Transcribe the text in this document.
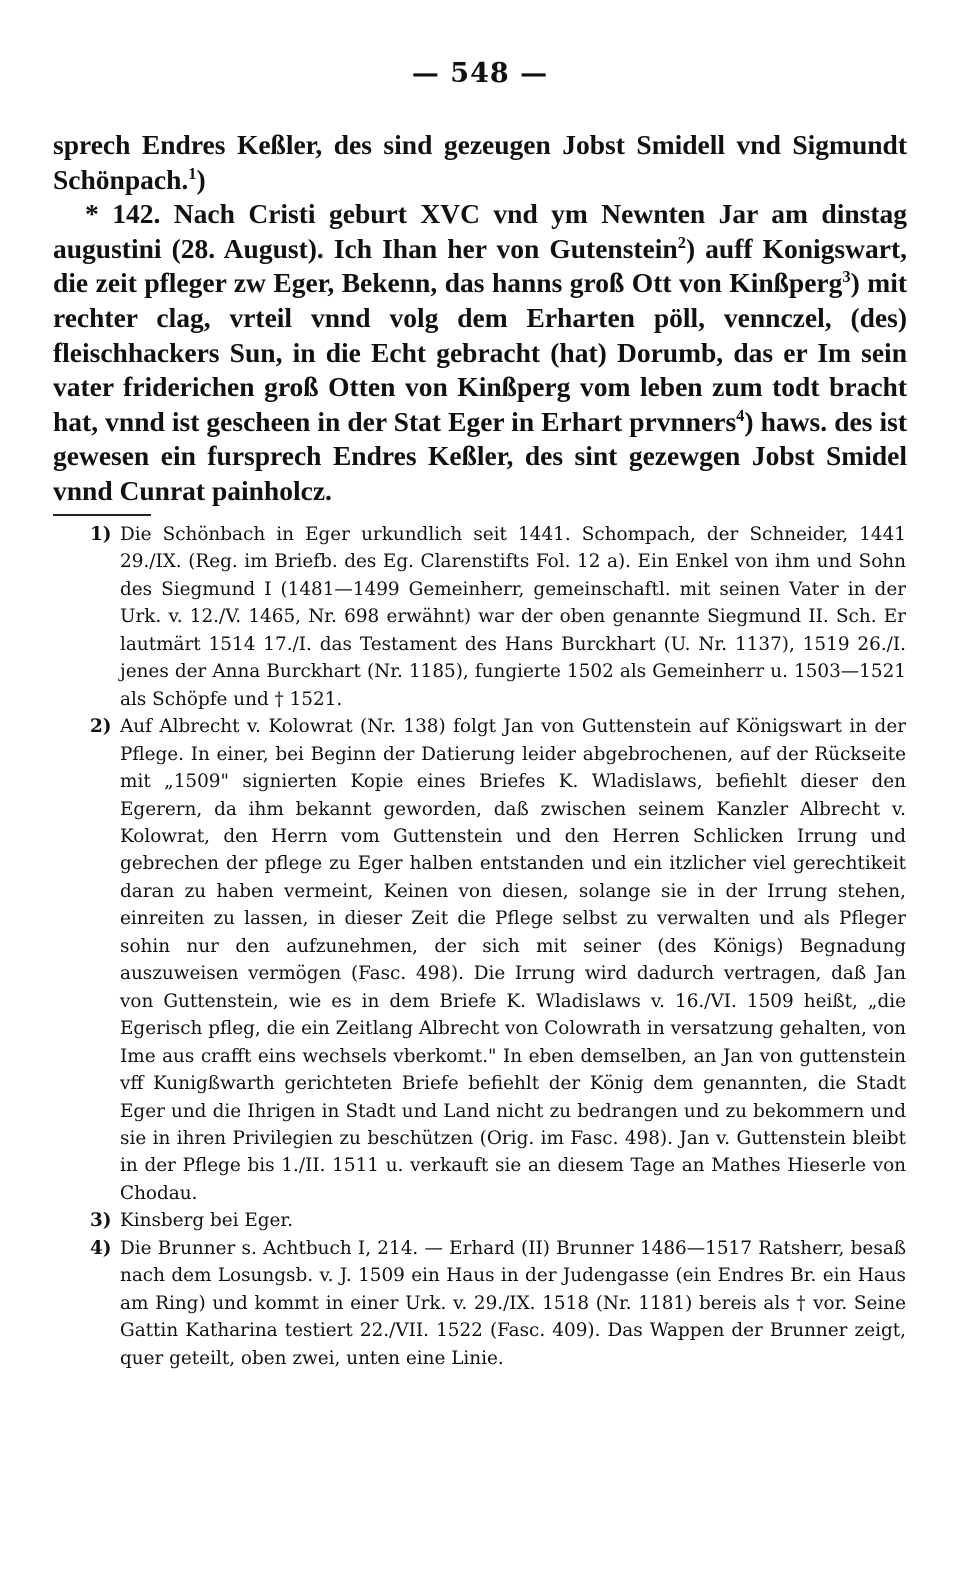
— 548 —

sprech Endres Keßler, des sind gezeugen Jobst Smidell vnd Sigmundt Schönpach.$^1$)

* 142. Nach Cristi geburt XVC vnd ym Newnten Jar am dinstag augustini (28. August). Ich Ihan her von Gutenstein$^2$) auff Konigswart, die zeit pfleger zw Eger, Bekenn, das hanns groß Ott von Kinßperg$^3$) mit rechter clag, vrteil vnnd volg dem Erharten pöll, vennczel, (des) fleischhackers Sun, in die Echt gebracht (hat) Dorumb, das er Im sein vater friderichen groß Otten von Kinßperg vom leben zum todt bracht hat, vnnd ist gescheen in der Stat Eger in Erhart prvnners$^4$) haws. des ist gewesen ein fursprech Endres Keßler, des sint gezewgen Jobst Smidel vnnd Cunrat painholcz.

1) Die Schönbach in Eger urkundlich seit 1441. Schompach, der Schneider, 1441 29./IX. (Reg. im Briefb. des Eg. Clarenstifts Fol. 12 a). Ein Enkel von ihm und Sohn des Siegmund I (1481—1499 Gemeinherr, gemeinschaftl. mit seinen Vater in der Urk. v. 12./V. 1465, Nr. 698 erwähnt) war der oben genannte Siegmund II. Sch. Er lautmärt 1514 17./I. das Testament des Hans Burckhart (U. Nr. 1137), 1519 26./I. jenes der Anna Burckhart (Nr. 1185), fungierte 1502 als Gemeinherr u. 1503—1521 als Schöpfe und † 1521.

2) Auf Albrecht v. Kolowrat (Nr. 138) folgt Jan von Guttenstein auf Königswart in der Pflege. In einer, bei Beginn der Datierung leider abgebrochenen, auf der Rückseite mit „1509" signierten Kopie eines Briefes K. Wladislaws, befiehlt dieser den Egerern, da ihm bekannt geworden, daß zwischen seinem Kanzler Albrecht v. Kolowrat, den Herrn vom Guttenstein und den Herren Schlicken Irrung und gebrechen der pflege zu Eger halben entstanden und ein itzlicher viel gerechtikeit daran zu haben vermeint, Keinen von diesen, solange sie in der Irrung stehen, einreiten zu lassen, in dieser Zeit die Pflege selbst zu verwalten und als Pfleger sohin nur den aufzunehmen, der sich mit seiner (des Königs) Begnadung auszuweisen vermögen (Fasc. 498). Die Irrung wird dadurch vertragen, daß Jan von Guttenstein, wie es in dem Briefe K. Wladislaws v. 16./VI. 1509 heißt, „die Egerisch pfleg, die ein Zeitlang Albrecht von Colowrath in versatzung gehalten, von Ime aus crafft eins wechsels vberkomt." In eben demselben, an Jan von guttenstein vff Kunigßwarth gerichteten Briefe befiehlt der König dem genannten, die Stadt Eger und die Ihrigen in Stadt und Land nicht zu bedrangen und zu bekommern und sie in ihren Privilegien zu beschützen (Orig. im Fasc. 498). Jan v. Guttenstein bleibt in der Pflege bis 1./II. 1511 u. verkauft sie an diesem Tage an Mathes Hieserle von Chodau.

3) Kinsberg bei Eger.

4) Die Brunner s. Achtbuch I, 214. — Erhard (II) Brunner 1486—1517 Ratsherr, besaß nach dem Losungsb. v. J. 1509 ein Haus in der Judengasse (ein Endres Br. ein Haus am Ring) und kommt in einer Urk. v. 29./IX. 1518 (Nr. 1181) bereis als † vor. Seine Gattin Katharina testiert 22./VII. 1522 (Fasc. 409). Das Wappen der Brunner zeigt, quer geteilt, oben zwei, unten eine Linie.
